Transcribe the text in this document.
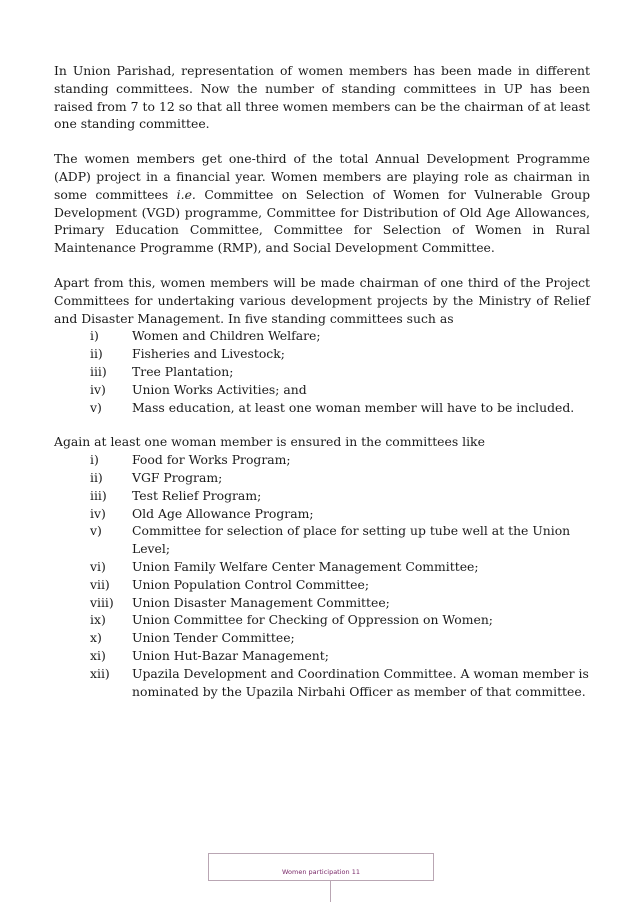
In Union Parishad, representation of women members has been made in different standing committees. Now the number of standing committees in UP has been raised from 7 to 12 so that all three women members can be the chairman of at least one standing committee.

The women members get one-third of the total Annual Development Programme (ADP) project in a financial year. Women members are playing role as chairman in some committees i.e. Committee on Selection of Women for Vulnerable Group Development (VGD) programme, Committee for Distribution of Old Age Allowances, Primary Education Committee, Committee for Selection of Women in Rural Maintenance Programme (RMP), and Social Development Committee.

Apart from this, women members will be made chairman of one third of the Project Committees for undertaking various development projects by the Ministry of Relief and Disaster Management. In five standing committees such as

i)	Women and Children Welfare;
ii)	Fisheries and Livestock;
iii)	Tree Plantation;
iv)	Union Works Activities; and
v)	Mass education, at least one woman member will have to be included.

Again at least one woman member is ensured in the committees like

i)	Food for Works Program;
ii)	VGF Program;
iii)	Test Relief Program;
iv)	Old Age Allowance Program;
v)	Committee for selection of place for setting up tube well at the Union Level;
vi)	Union Family Welfare Center Management Committee;
vii)	Union Population Control Committee;
viii)	Union Disaster Management Committee;
ix)	Union Committee for Checking of Oppression on Women;
x)	Union Tender Committee;
xi)	Union Hut-Bazar Management;
xii)	Upazila Development and Coordination Committee. A woman member is nominated by the Upazila Nirbahi Officer as member of that committee.
Women participation 11
